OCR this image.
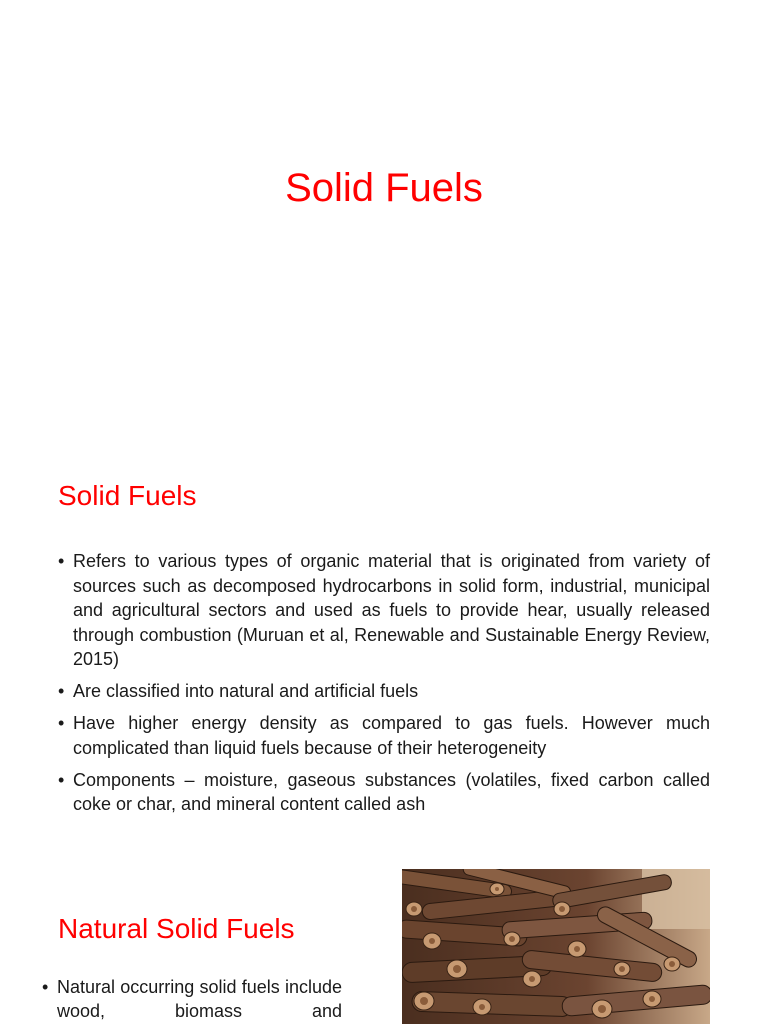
Solid Fuels
Solid Fuels
• Refers to various types of organic material that is originated from variety of sources such as decomposed hydrocarbons in solid form, industrial, municipal and agricultural sectors and used as fuels to provide hear, usually released through combustion (Muruan et al, Renewable and Sustainable Energy Review, 2015)
• Are classified into natural and artificial fuels
• Have higher energy density as compared to gas fuels. However much complicated than liquid fuels because of their heterogeneity
• Components – moisture, gaseous substances (volatiles, fixed carbon called coke or char, and mineral content called ash
Natural Solid Fuels
• Natural occurring solid fuels include wood, biomass and
